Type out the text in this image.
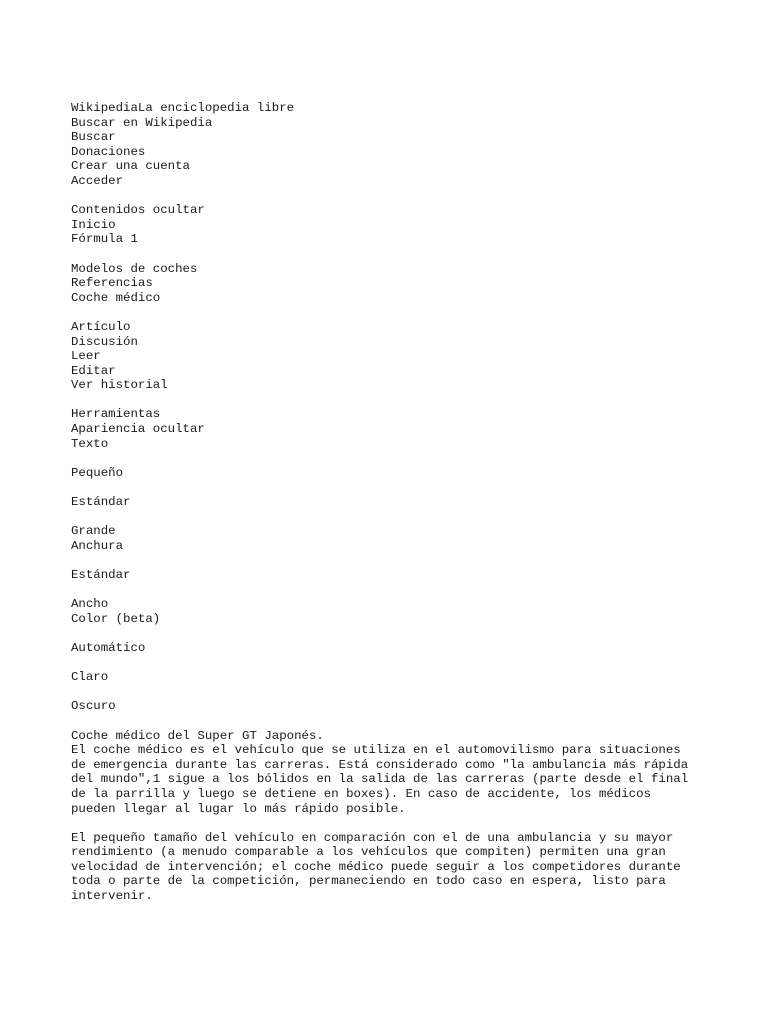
WikipediaLa enciclopedia libre
Buscar en Wikipedia
Buscar
Donaciones
Crear una cuenta
Acceder
Contenidos ocultar
Inicio
Fórmula 1
Modelos de coches
Referencias
Coche médico
Artículo
Discusión
Leer
Editar
Ver historial
Herramientas
Apariencia ocultar
Texto
Pequeño
Estándar
Grande
Anchura
Estándar
Ancho
Color (beta)
Automático
Claro
Oscuro
Coche médico del Super GT Japonés.
El coche médico es el vehículo que se utiliza en el automovilismo para situaciones
de emergencia durante las carreras. Está considerado como "la ambulancia más rápida
del mundo",1 sigue a los bólidos en la salida de las carreras (parte desde el final
de la parrilla y luego se detiene en boxes). En caso de accidente, los médicos
pueden llegar al lugar lo más rápido posible.
El pequeño tamaño del vehículo en comparación con el de una ambulancia y su mayor
rendimiento (a menudo comparable a los vehículos que compiten) permiten una gran
velocidad de intervención; el coche médico puede seguir a los competidores durante
toda o parte de la competición, permaneciendo en todo caso en espera, listo para
intervenir.
